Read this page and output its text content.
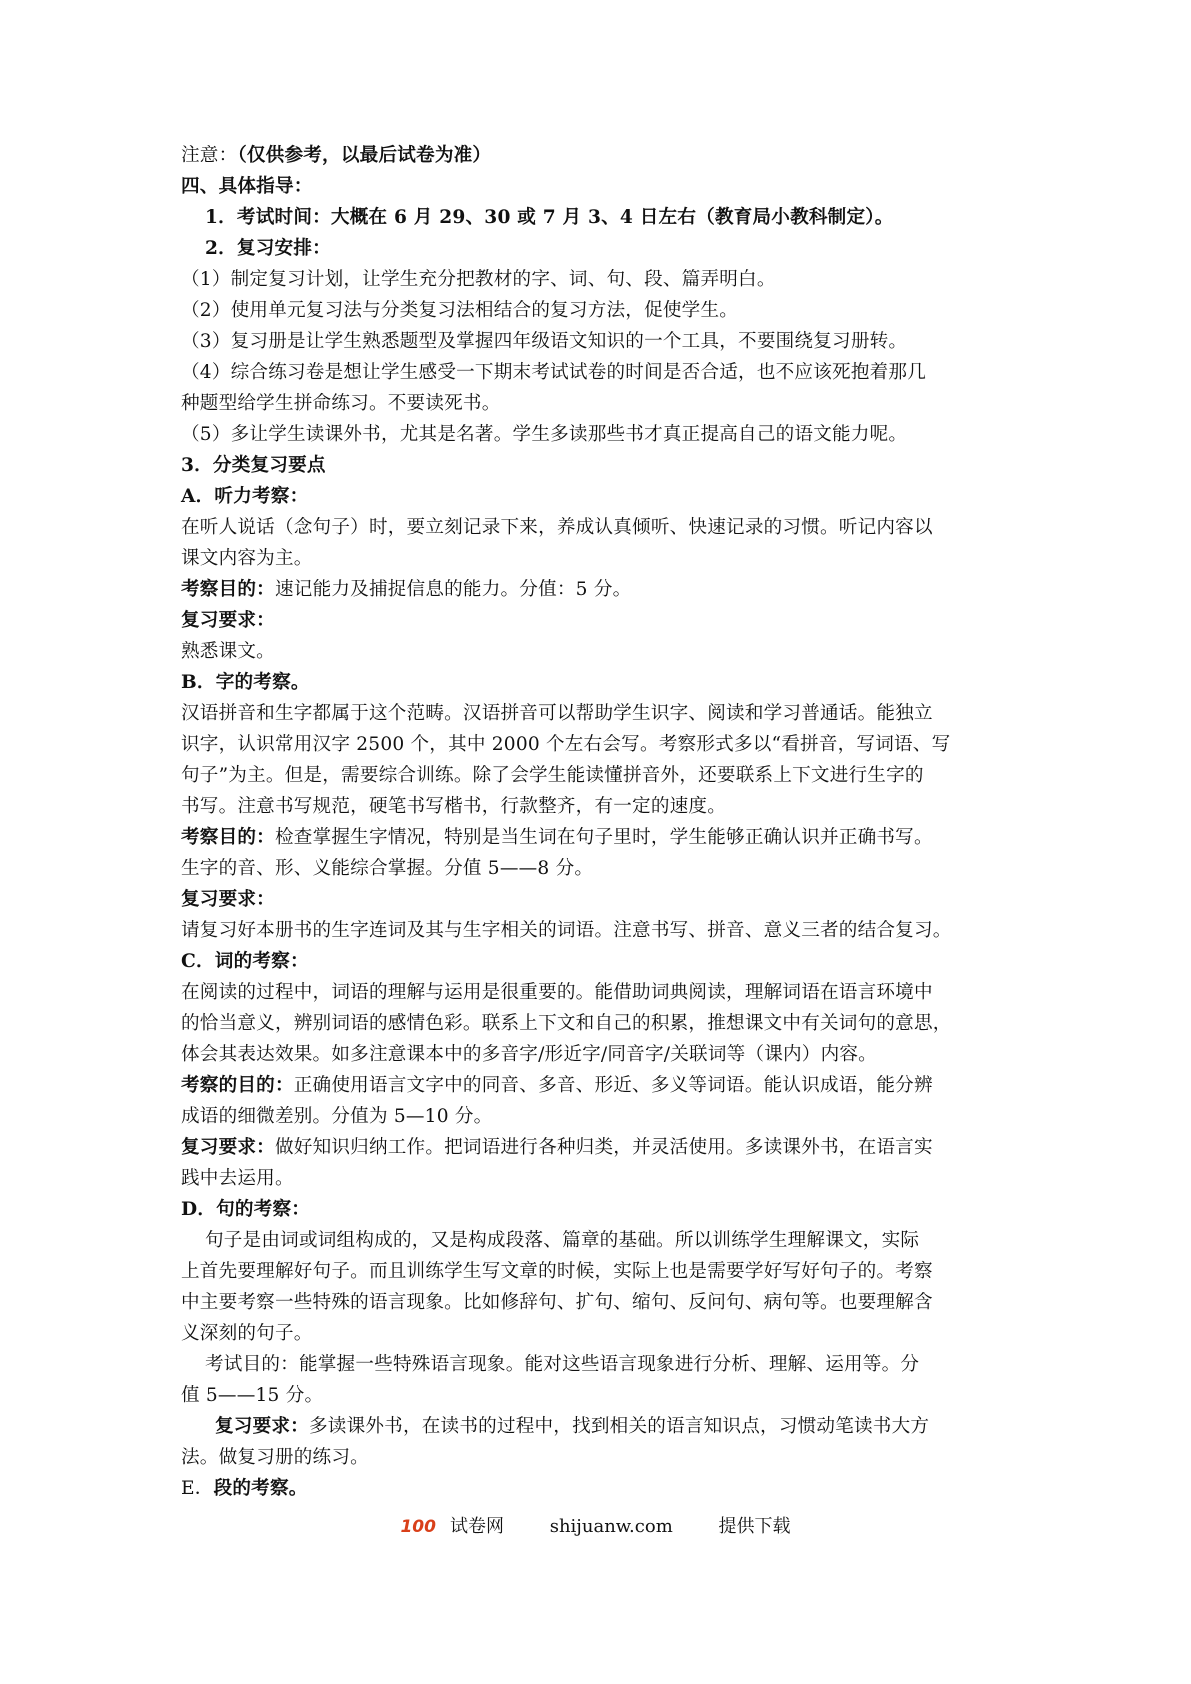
注意：（仅供参考，以最后试卷为准）
四、具体指导：
1．考试时间：大概在 6 月 29、30 或 7 月 3、4 日左右（教育局小教科制定）。
2．复习安排：
（1）制定复习计划，让学生充分把教材的字、词、句、段、篇弄明白。
（2）使用单元复习法与分类复习法相结合的复习方法，促使学生。
（3）复习册是让学生熟悉题型及掌握四年级语文知识的一个工具，不要围绕复习册转。
（4）综合练习卷是想让学生感受一下期末考试试卷的时间是否合适，也不应该死抱着那几
种题型给学生拼命练习。不要读死书。
（5）多让学生读课外书，尤其是名著。学生多读那些书才真正提高自己的语文能力呢。
3．分类复习要点
A．听力考察：
在听人说话（念句子）时，要立刻记录下来，养成认真倾听、快速记录的习惯。听记内容以
课文内容为主。
考察目的：速记能力及捕捉信息的能力。分值：5 分。
复习要求：
熟悉课文。
B．字的考察。
汉语拼音和生字都属于这个范畴。汉语拼音可以帮助学生识字、阅读和学习普通话。能独立
识字，认识常用汉字 2500 个，其中 2000 个左右会写。考察形式多以“看拼音，写词语、写
句子”为主。但是，需要综合训练。除了会学生能读懂拼音外，还要联系上下文进行生字的
书写。注意书写规范，硬笔书写楷书，行款整齐，有一定的速度。
考察目的：检查掌握生字情况，特别是当生词在句子里时，学生能够正确认识并正确书写。
生字的音、形、义能综合掌握。分值 5——8 分。
复习要求：
请复习好本册书的生字连词及其与生字相关的词语。注意书写、拼音、意义三者的结合复习。
C．词的考察：
在阅读的过程中，词语的理解与运用是很重要的。能借助词典阅读，理解词语在语言环境中
的恰当意义，辨别词语的感情色彩。联系上下文和自己的积累，推想课文中有关词句的意思，
体会其表达效果。如多注意课本中的多音字/形近字/同音字/关联词等（课内）内容。
考察的目的：正确使用语言文字中的同音、多音、形近、多义等词语。能认识成语，能分辨
成语的细微差别。分值为 5—10 分。
复习要求：做好知识归纳工作。把词语进行各种归类，并灵活使用。多读课外书，在语言实
践中去运用。
D．句的考察：
句子是由词或词组构成的，又是构成段落、篇章的基础。所以训练学生理解课文，实际
上首先要理解好句子。而且训练学生写文章的时候，实际上也是需要学好写好句子的。考察
中主要考察一些特殊的语言现象。比如修辞句、扩句、缩句、反问句、病句等。也要理解含
义深刻的句子。
考试目的：能掌握一些特殊语言现象。能对这些语言现象进行分析、理解、运用等。分
值 5——15 分。
复习要求：多读课外书，在读书的过程中，找到相关的语言知识点，习惯动笔读书大方
法。做复习册的练习。
E．段的考察。
100 试卷网	shijuanw.com	提供下载
